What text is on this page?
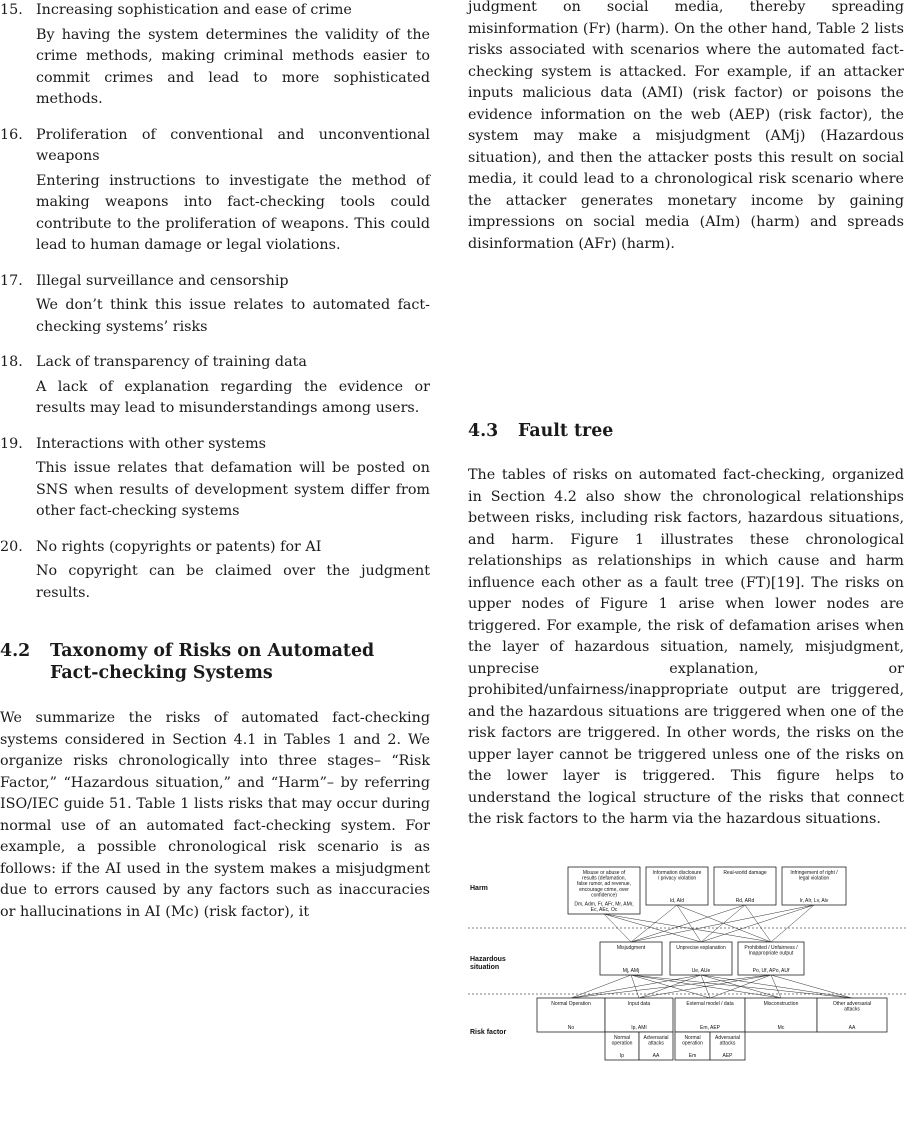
15. Increasing sophistication and ease of crime
By having the system determines the validity of the crime methods, making criminal methods easier to commit crimes and lead to more sophisticated methods.
16. Proliferation of conventional and unconventional weapons
Entering instructions to investigate the method of making weapons into fact-checking tools could contribute to the proliferation of weapons. This could lead to human damage or legal violations.
17. Illegal surveillance and censorship
We don’t think this issue relates to automated fact-checking systems’ risks
18. Lack of transparency of training data
A lack of explanation regarding the evidence or results may lead to misunderstandings among users.
19. Interactions with other systems
This issue relates that defamation will be posted on SNS when results of development system differ from other fact-checking systems
20. No rights (copyrights or patents) for AI
No copyright can be claimed over the judgment results.
4.2 Taxonomy of Risks on Automated Fact-checking Systems

We summarize the risks of automated fact-checking systems considered in Section 4.1 in Tables 1 and 2. We organize risks chronologically into three stages– “Risk Factor,” “Hazardous situation,” and “Harm”– by referring ISO/IEC guide 51. Table 1 lists risks that may occur during normal use of an automated fact-checking system. For example, a possible chronological risk scenario is as follows: if the AI used in the system makes a misjudgment due to errors caused by any factors such as inaccuracies or hallucinations in AI (Mc) (risk factor), it

judgment on social media, thereby spreading misinformation (Fr) (harm). On the other hand, Table 2 lists risks associated with scenarios where the automated fact-checking system is attacked. For example, if an attacker inputs malicious data (AMI) (risk factor) or poisons the evidence information on the web (AEP) (risk factor), the system may make a misjudgment (AMj) (Hazardous situation), and then the attacker posts this result on social media, it could lead to a chronological risk scenario where the attacker generates monetary income by gaining impressions on social media (AIm) (harm) and spreads disinformation (AFr) (harm).

4.3 Fault tree

The tables of risks on automated fact-checking, organized in Section 4.2 also show the chronological relationships between risks, including risk factors, hazardous situations, and harm. Figure 1 illustrates these chronological relationships as relationships in which cause and harm influence each other as a fault tree (FT)[19]. The risks on upper nodes of Figure 1 arise when lower nodes are triggered. For example, the risk of defamation arises when the layer of hazardous situation, namely, misjudgment, unprecise explanation, or prohibited/unfairness/inappropriate output are triggered, and the hazardous situations are triggered when one of the risk factors are triggered. In other words, the risks on the upper layer cannot be triggered unless one of the risks on the lower layer is triggered. This figure helps to understand the logical structure of the risks that connect the risk factors to the harm via the hazardous situations.

Harm
Hazardous
situation
Risk factor
Misuse or abuse of
results (defamation,
false rumor, ad revenue,
encourage crime, over
confidence)
Dm, Adm, Fr, AFr, Mr, AMr,
Ec, AEc, Oc
Information disclosure
/ privacy violation
Id, AId
Real-world damage
Rd, ARd
Infringement of right /
legal violation
Ir, AIr, Lv, Alv
Misjudgment
Mj, AMj
Unprecise explanation
Ue, AUe
Prohibited / Unfairness /
Inappropriate output
Po, Uf, APo, AUf
Normal Operation
No
Input data
Ip, AMI
External model / data
Em, AEP
Misconstruction
Mc
Other adversarial
attacks
AA
Normal
operation
Ip
Adversarial
attacks
AA
Normal
operation
Em
Adversarial
attacks
AEP
